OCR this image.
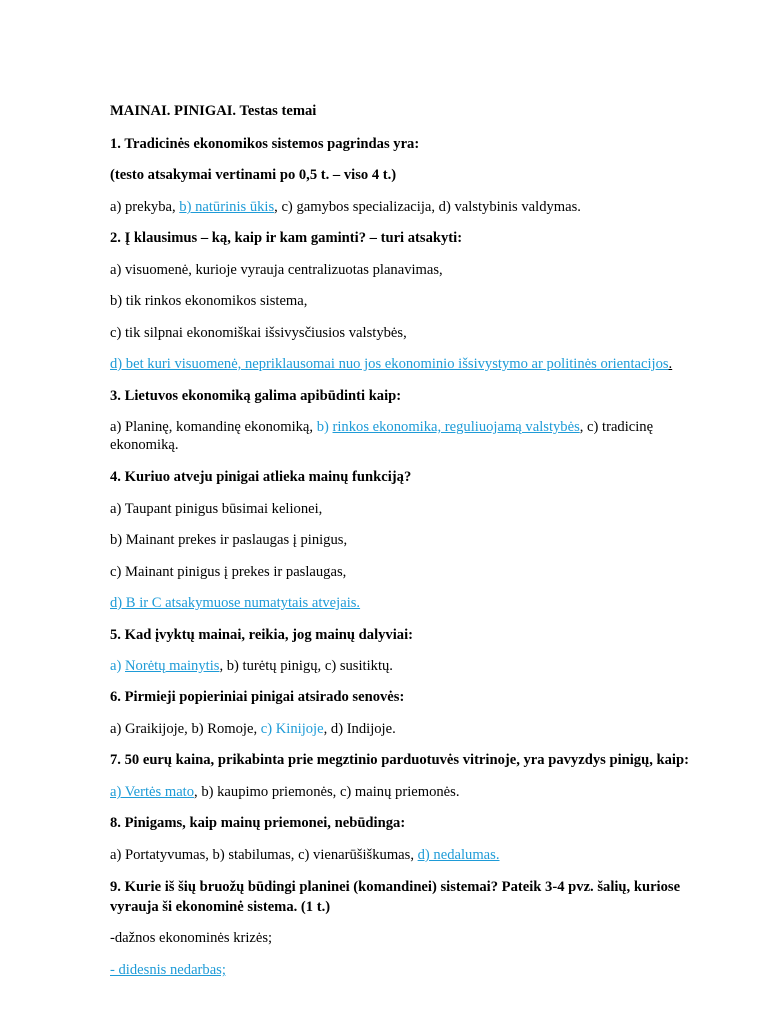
MAINAI. PINIGAI. Testas temai
1. Tradicinės ekonomikos sistemos pagrindas yra:
(testo atsakymai vertinami po 0,5 t. – viso 4 t.)
a) prekyba, b) natūrinis ūkis, c) gamybos specializacija, d) valstybinis valdymas.
2. Į klausimus – ką, kaip ir kam gaminti? – turi atsakyti:
a) visuomenė, kurioje vyrauja centralizuotas planavimas,
b) tik rinkos ekonomikos sistema,
c) tik silpnai ekonomiškai išsivysčiusios valstybės,
d) bet kuri visuomenė, nepriklausomai nuo jos ekonominio išsivystymo ar politinės orientacijos.
3. Lietuvos ekonomiką galima apibūdinti kaip:
a) Planinę, komandinę ekonomiką, b) rinkos ekonomika, reguliuojamą valstybės, c) tradicinę ekonomiką.
4. Kuriuo atveju pinigai atlieka mainų funkciją?
a) Taupant pinigus būsimai kelionei,
b) Mainant prekes ir paslaugas į pinigus,
c) Mainant pinigus į prekes ir paslaugas,
d) B ir C atsakymuose numatytais atvejais.
5. Kad įvyktų mainai, reikia, jog mainų dalyviai:
a) Norėtų mainytis, b) turėtų pinigų, c) susitiktų.
6. Pirmieji popieriniai pinigai atsirado senovės:
a) Graikijoje, b) Romoje, c) Kinijoje, d) Indijoje.
7. 50 eurų kaina, prikabinta prie megztinio parduotuvės vitrinoje, yra pavyzdys pinigų, kaip:
a) Vertės mato, b) kaupimo priemonės, c) mainų priemonės.
8. Pinigams, kaip mainų priemonei, nebūdinga:
a) Portatyvumas, b) stabilumas, c) vienarūšiškumas, d) nedalumas.
9. Kurie iš šių bruožų būdingi planinei (komandinei) sistemai? Pateik 3-4 pvz. šalių, kuriose vyrauja ši ekonominė sistema. (1 t.)
-dažnos ekonominės krizės;
- didesnis nedarbas;
